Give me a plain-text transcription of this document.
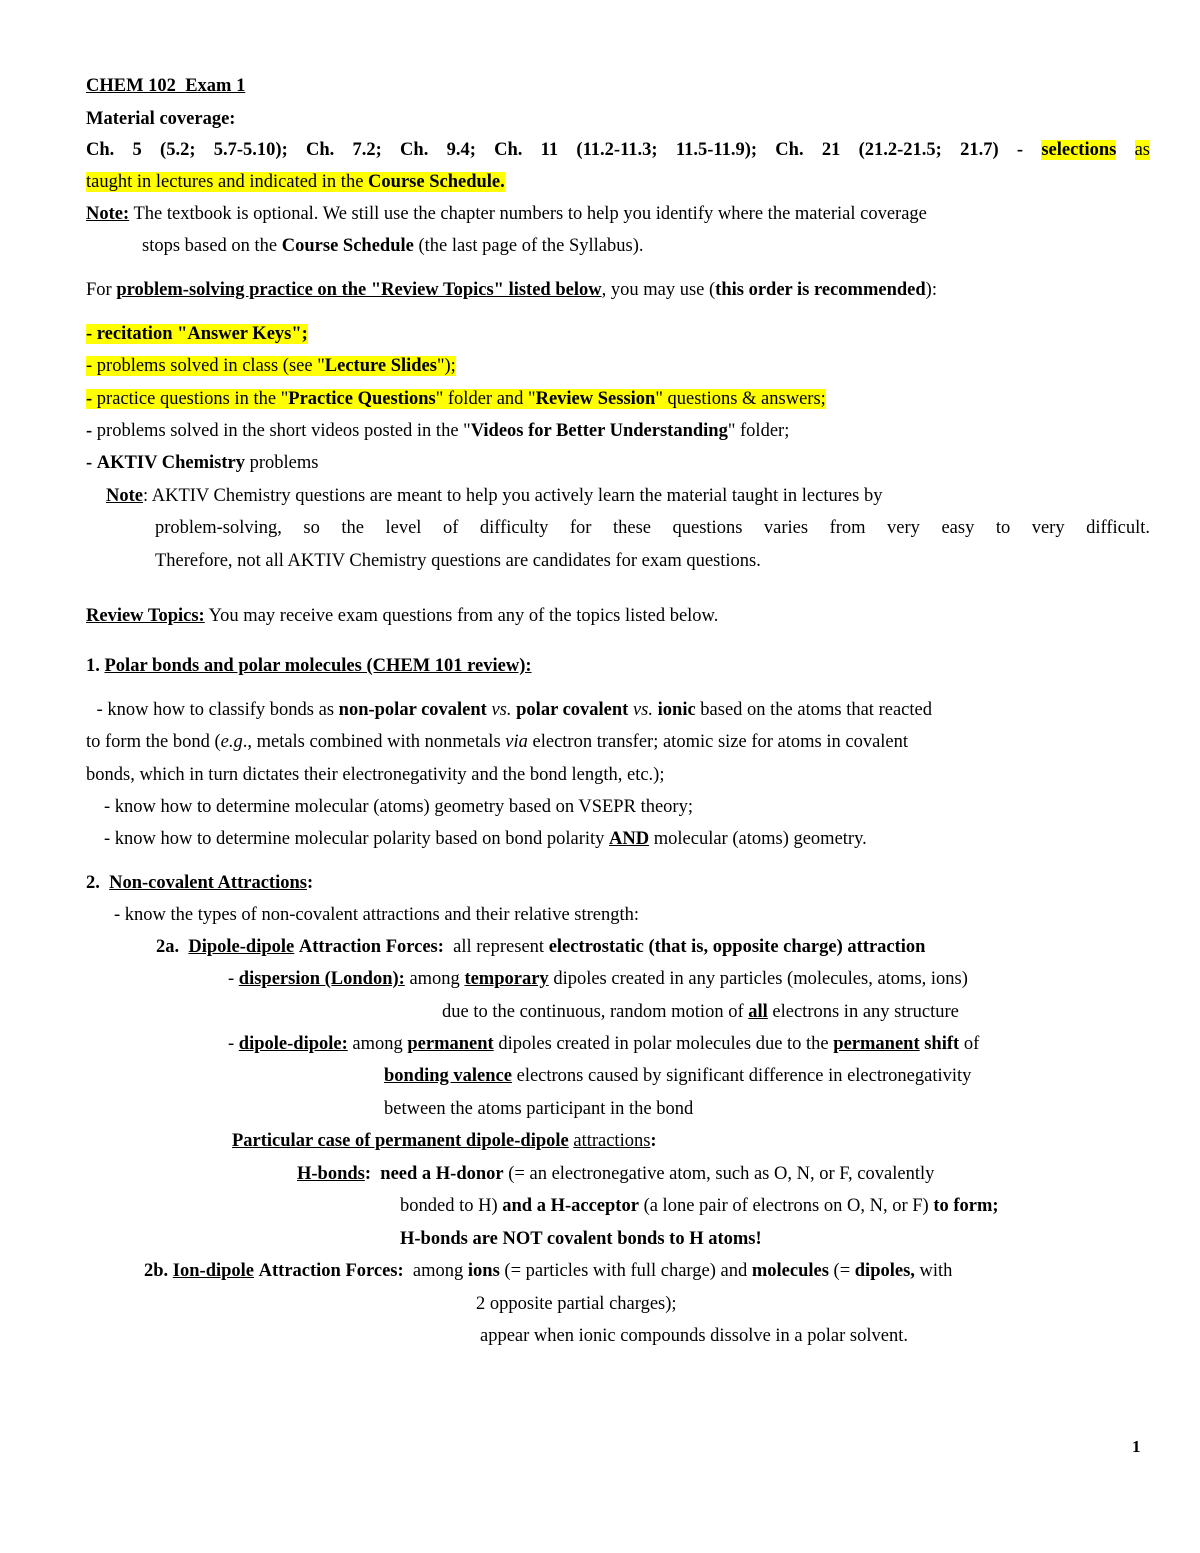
CHEM 102 Exam 1
Material coverage:
Ch. 5 (5.2; 5.7-5.10); Ch. 7.2; Ch. 9.4; Ch. 11 (11.2-11.3; 11.5-11.9); Ch. 21 (21.2-21.5; 21.7) - selections as
taught in lectures and indicated in the Course Schedule.
Note: The textbook is optional. We still use the chapter numbers to help you identify where the material coverage
stops based on the Course Schedule (the last page of the Syllabus).
For problem-solving practice on the "Review Topics" listed below, you may use (this order is recommended):
- recitation "Answer Keys";
- problems solved in class (see "Lecture Slides");
- practice questions in the "Practice Questions" folder and "Review Session" questions & answers;
- problems solved in the short videos posted in the "Videos for Better Understanding" folder;
- AKTIV Chemistry problems
Note: AKTIV Chemistry questions are meant to help you actively learn the material taught in lectures by
problem-solving, so the level of difficulty for these questions varies from very easy to very difficult.
Therefore, not all AKTIV Chemistry questions are candidates for exam questions.
Review Topics: You may receive exam questions from any of the topics listed below.
1. Polar bonds and polar molecules (CHEM 101 review):
- know how to classify bonds as non-polar covalent vs. polar covalent vs. ionic based on the atoms that reacted
to form the bond (e.g., metals combined with nonmetals via electron transfer; atomic size for atoms in covalent
bonds, which in turn dictates their electronegativity and the bond length, etc.);
- know how to determine molecular (atoms) geometry based on VSEPR theory;
- know how to determine molecular polarity based on bond polarity AND molecular (atoms) geometry.
2. Non-covalent Attractions:
- know the types of non-covalent attractions and their relative strength:
2a. Dipole-dipole Attraction Forces: all represent electrostatic (that is, opposite charge) attraction
- dispersion (London): among temporary dipoles created in any particles (molecules, atoms, ions)
due to the continuous, random motion of all electrons in any structure
- dipole-dipole: among permanent dipoles created in polar molecules due to the permanent shift of
bonding valence electrons caused by significant difference in electronegativity
between the atoms participant in the bond
Particular case of permanent dipole-dipole attractions:
H-bonds: need a H-donor (= an electronegative atom, such as O, N, or F, covalently
bonded to H) and a H-acceptor (a lone pair of electrons on O, N, or F) to form;
H-bonds are NOT covalent bonds to H atoms!
2b. Ion-dipole Attraction Forces: among ions (= particles with full charge) and molecules (= dipoles, with
2 opposite partial charges);
appear when ionic compounds dissolve in a polar solvent.
1
